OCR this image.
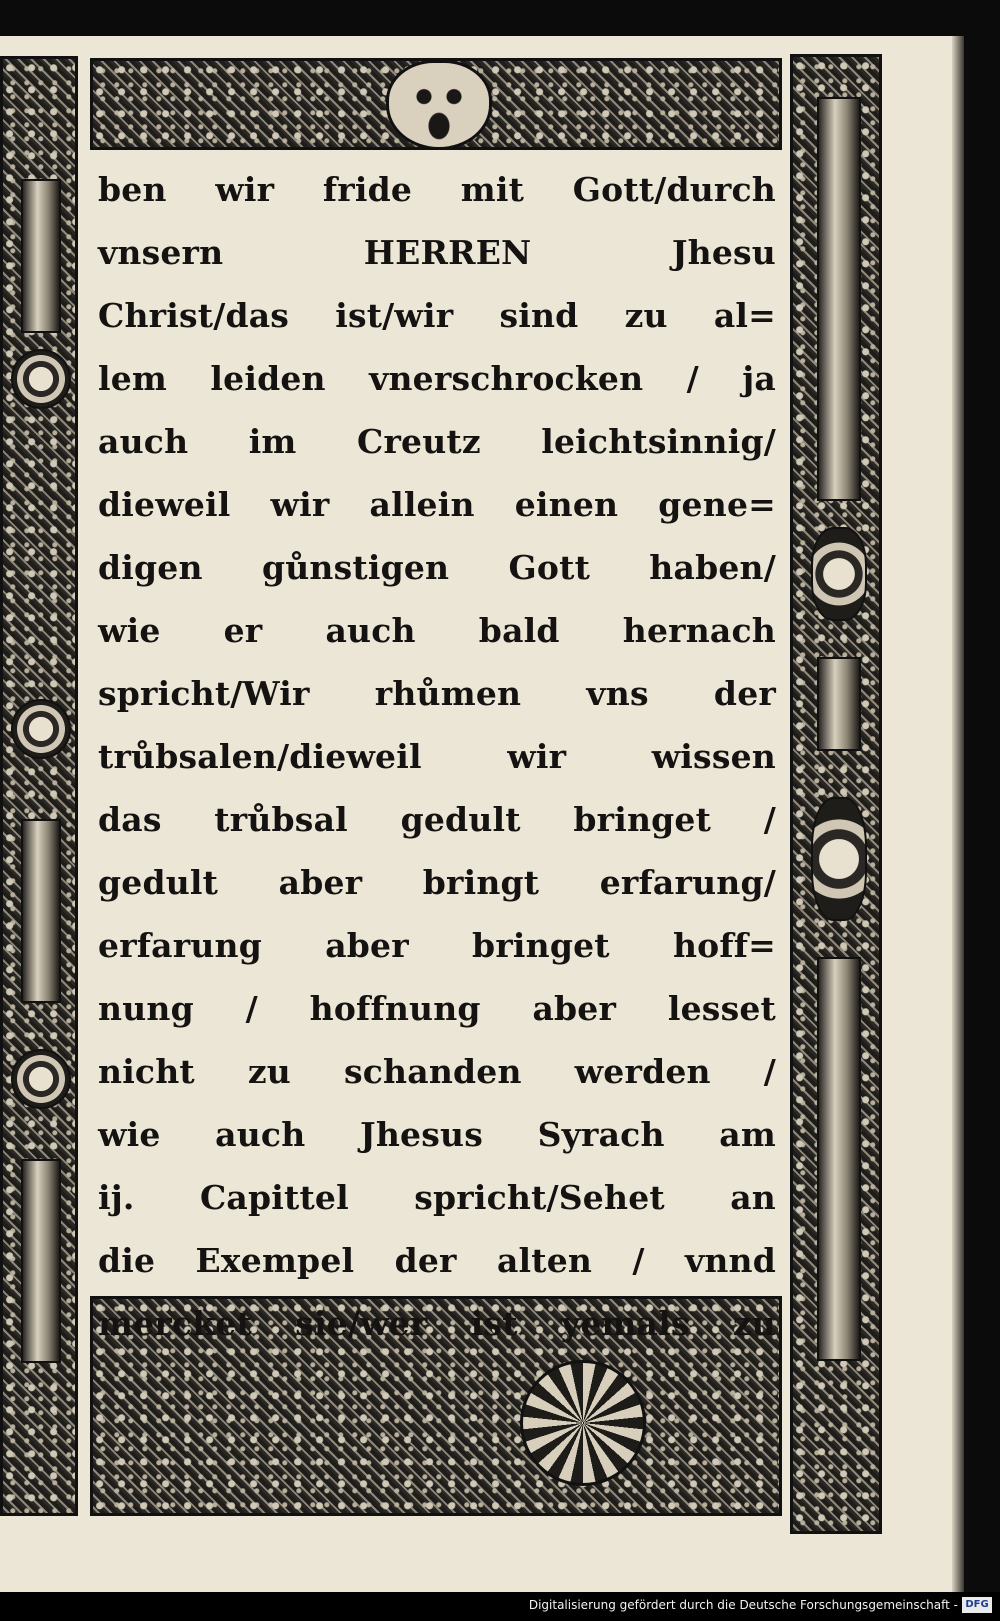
ben wir fride mit Gott/durch
vnsern HERREN Jhesu
Christ/das ist/wir sind zu al=
lem leiden vnerschrocken / ja
auch im Creutz leichtsinnig/
dieweil wir allein einen gene=
digen gůnstigen Gott haben/
wie er auch bald hernach
spricht/Wir rhůmen vns der
trůbsalen/dieweil wir wissen
das trůbsal gedult bringet /
gedult aber bringt erfarung/
erfarung aber bringet hoff=
nung / hoffnung aber lesset
nicht zu schanden werden /
wie auch Jhesus Syrach am
ij. Capittel spricht/Sehet an
die Exempel der alten / vnnd
mercket sie/wer ist yemals zu
Digitalisierung gefördert durch die Deutsche Forschungsgemeinschaft - DFG
